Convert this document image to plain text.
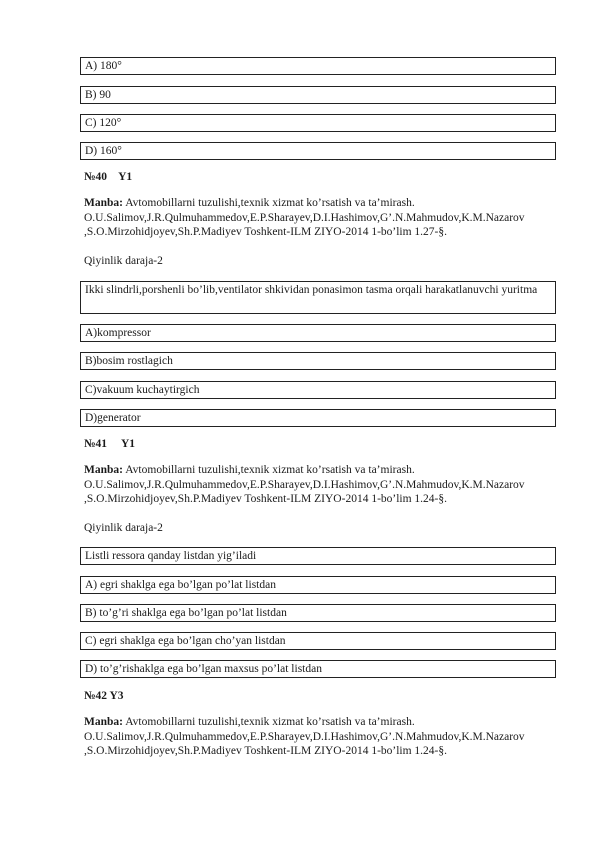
A) 180°
B) 90
C) 120°
D) 160°
№40    Y1
Manba: Avtomobillarni tuzulishi,texnik xizmat ko’rsatish va ta’mirash. O.U.Salimov,J.R.Qulmuhammedov,E.P.Sharayev,D.I.Hashimov,G’.N.Mahmudov,K.M.Nazarov ,S.O.Mirzohidjoyev,Sh.P.Madiyev Toshkent-ILM ZIYO-2014 1-bo’lim 1.27-§.
Qiyinlik daraja-2
Ikki slindrli,porshenli bo’lib,ventilator shkividan ponasimon tasma orqali harakatlanuvchi yuritma
A)kompressor
B)bosim rostlagich
C)vakuum kuchaytirgich
D)generator
№41     Y1
Manba: Avtomobillarni tuzulishi,texnik xizmat ko’rsatish va ta’mirash. O.U.Salimov,J.R.Qulmuhammedov,E.P.Sharayev,D.I.Hashimov,G’.N.Mahmudov,K.M.Nazarov ,S.O.Mirzohidjoyev,Sh.P.Madiyev Toshkent-ILM ZIYO-2014 1-bo’lim 1.24-§.
Qiyinlik daraja-2
Listli ressora qanday listdan yig’iladi
A) egri shaklga ega bo’lgan po’lat listdan
B) to’g’ri shaklga ega bo’lgan po’lat listdan
C) egri shaklga ega bo’lgan cho’yan listdan
D) to’g’rishaklga ega bo’lgan maxsus po’lat listdan
№42 Y3
Manba: Avtomobillarni tuzulishi,texnik xizmat ko’rsatish va ta’mirash. O.U.Salimov,J.R.Qulmuhammedov,E.P.Sharayev,D.I.Hashimov,G’.N.Mahmudov,K.M.Nazarov ,S.O.Mirzohidjoyev,Sh.P.Madiyev Toshkent-ILM ZIYO-2014 1-bo’lim 1.24-§.
